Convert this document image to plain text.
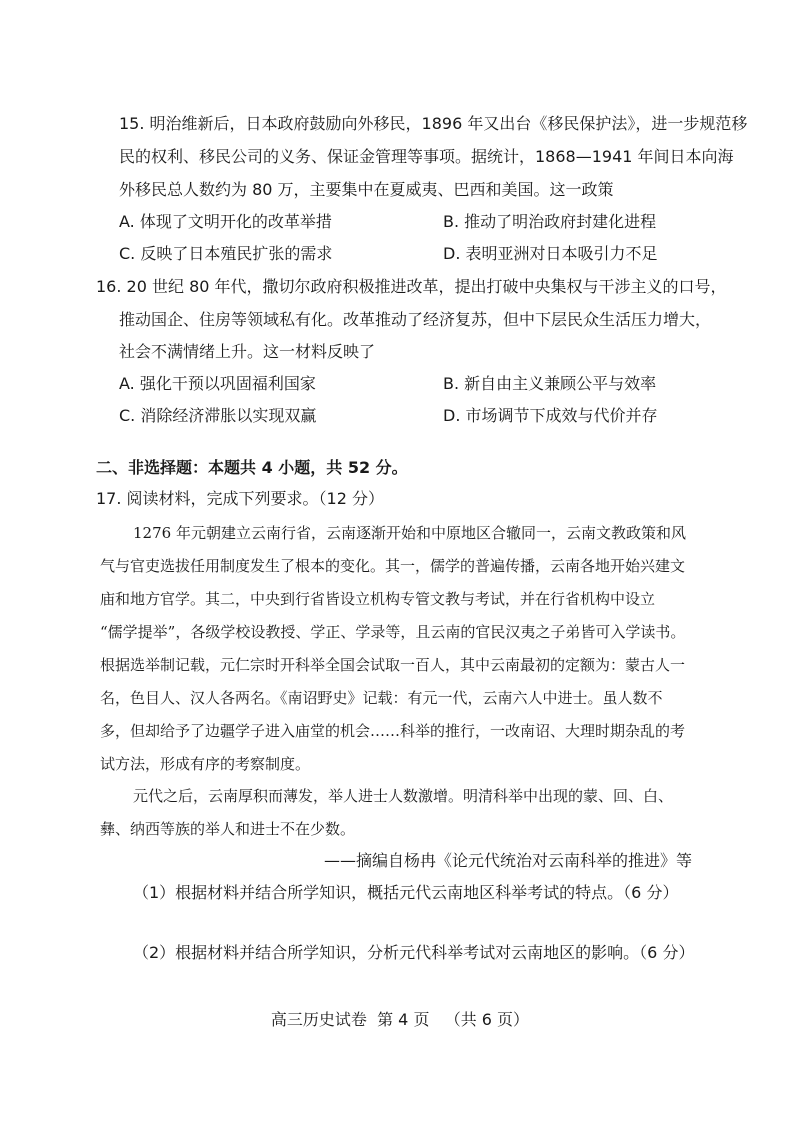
15. 明治维新后，日本政府鼓励向外移民，1896 年又出台《移民保护法》，进一步规范移
民的权利、移民公司的义务、保证金管理等事项。据统计，1868—1941 年间日本向海
外移民总人数约为 80 万，主要集中在夏威夷、巴西和美国。这一政策
A. 体现了文明开化的改革举措	B. 推动了明治政府封建化进程
C. 反映了日本殖民扩张的需求	D. 表明亚洲对日本吸引力不足
16. 20 世纪 80 年代，撒切尔政府积极推进改革，提出打破中央集权与干涉主义的口号，
推动国企、住房等领域私有化。改革推动了经济复苏，但中下层民众生活压力增大，
社会不满情绪上升。这一材料反映了
A. 强化干预以巩固福利国家	B. 新自由主义兼顾公平与效率
C. 消除经济滞胀以实现双赢	D. 市场调节下成效与代价并存
二、非选择题：本题共 4 小题，共 52 分。
17. 阅读材料，完成下列要求。（12 分）
1276 年元朝建立云南行省，云南逐渐开始和中原地区合辙同一，云南文教政策和风
气与官吏选拔任用制度发生了根本的变化。其一，儒学的普遍传播，云南各地开始兴建文
庙和地方官学。其二，中央到行省皆设立机构专管文教与考试，并在行省机构中设立
“儒学提举”，各级学校设教授、学正、学录等，且云南的官民汉夷之子弟皆可入学读书。
根据选举制记载，元仁宗时开科举全国会试取一百人，其中云南最初的定额为：蒙古人一
名，色目人、汉人各两名。《南诏野史》记载：有元一代，云南六人中进士。虽人数不
多，但却给予了边疆学子进入庙堂的机会……科举的推行，一改南诏、大理时期杂乱的考
试方法，形成有序的考察制度。
元代之后，云南厚积而薄发，举人进士人数激增。明清科举中出现的蒙、回、白、
彝、纳西等族的举人和进士不在少数。
——摘编自杨冉《论元代统治对云南科举的推进》等
（1）根据材料并结合所学知识，概括元代云南地区科举考试的特点。（6 分）
（2）根据材料并结合所学知识，分析元代科举考试对云南地区的影响。（6 分）
高三历史试卷  第 4 页   （共 6 页）
